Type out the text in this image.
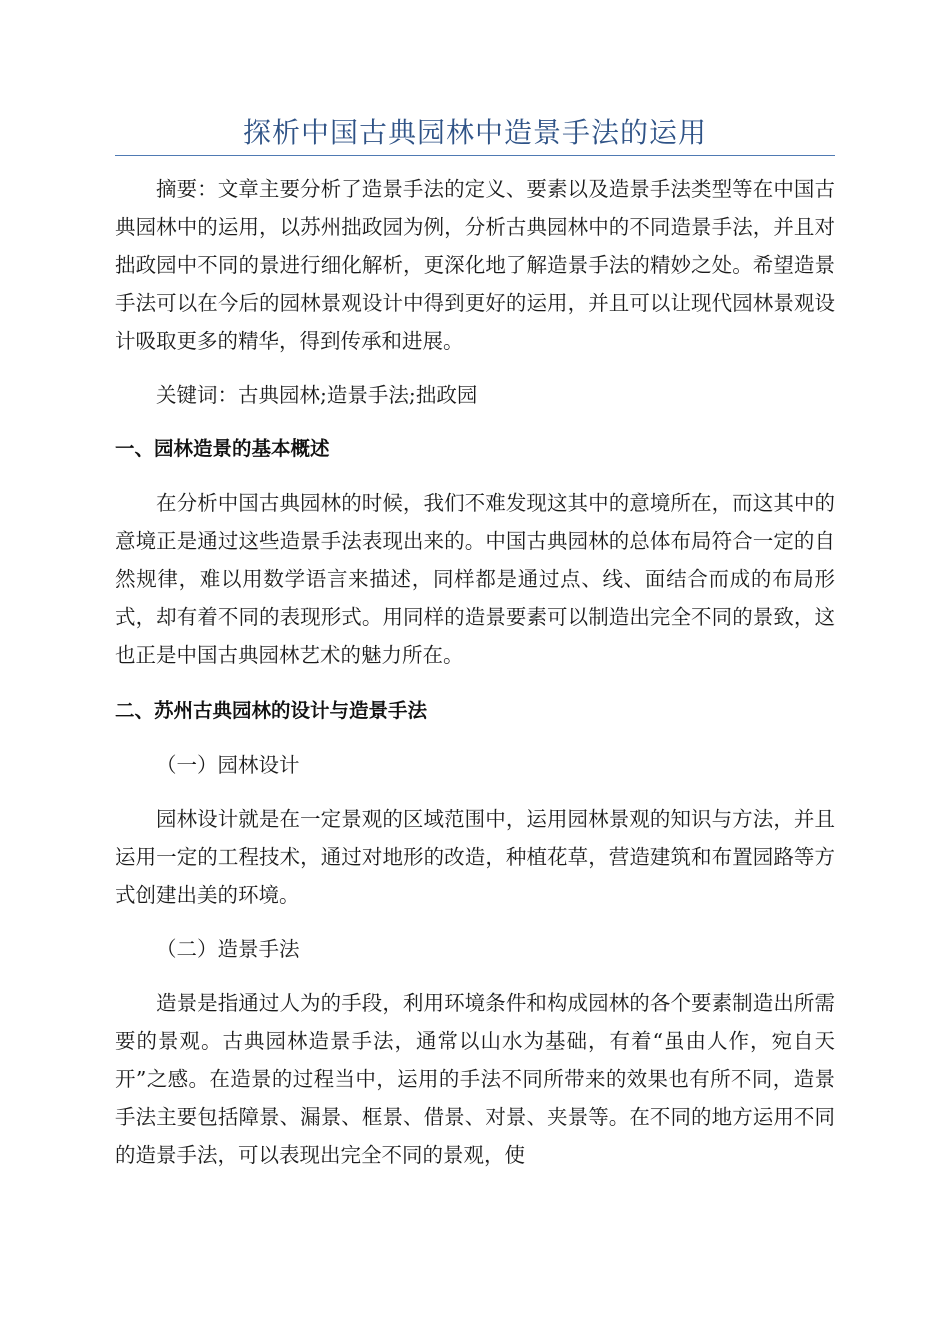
探析中国古典园林中造景手法的运用

摘要：文章主要分析了造景手法的定义、要素以及造景手法类型等在中国古典园林中的运用，以苏州拙政园为例，分析古典园林中的不同造景手法，并且对拙政园中不同的景进行细化解析，更深化地了解造景手法的精妙之处。希望造景手法可以在今后的园林景观设计中得到更好的运用，并且可以让现代园林景观设计吸取更多的精华，得到传承和进展。

关键词：古典园林;造景手法;拙政园

一、园林造景的基本概述

在分析中国古典园林的时候，我们不难发现这其中的意境所在，而这其中的意境正是通过这些造景手法表现出来的。中国古典园林的总体布局符合一定的自然规律，难以用数学语言来描述，同样都是通过点、线、面结合而成的布局形式，却有着不同的表现形式。用同样的造景要素可以制造出完全不同的景致，这也正是中国古典园林艺术的魅力所在。

二、苏州古典园林的设计与造景手法

（一）园林设计

园林设计就是在一定景观的区域范围中，运用园林景观的知识与方法，并且运用一定的工程技术，通过对地形的改造，种植花草，营造建筑和布置园路等方式创建出美的环境。

（二）造景手法

造景是指通过人为的手段，利用环境条件和构成园林的各个要素制造出所需要的景观。古典园林造景手法，通常以山水为基础，有着“虽由人作，宛自天开”之感。在造景的过程当中，运用的手法不同所带来的效果也有所不同，造景手法主要包括障景、漏景、框景、借景、对景、夹景等。在不同的地方运用不同的造景手法，可以表现出完全不同的景观，使
